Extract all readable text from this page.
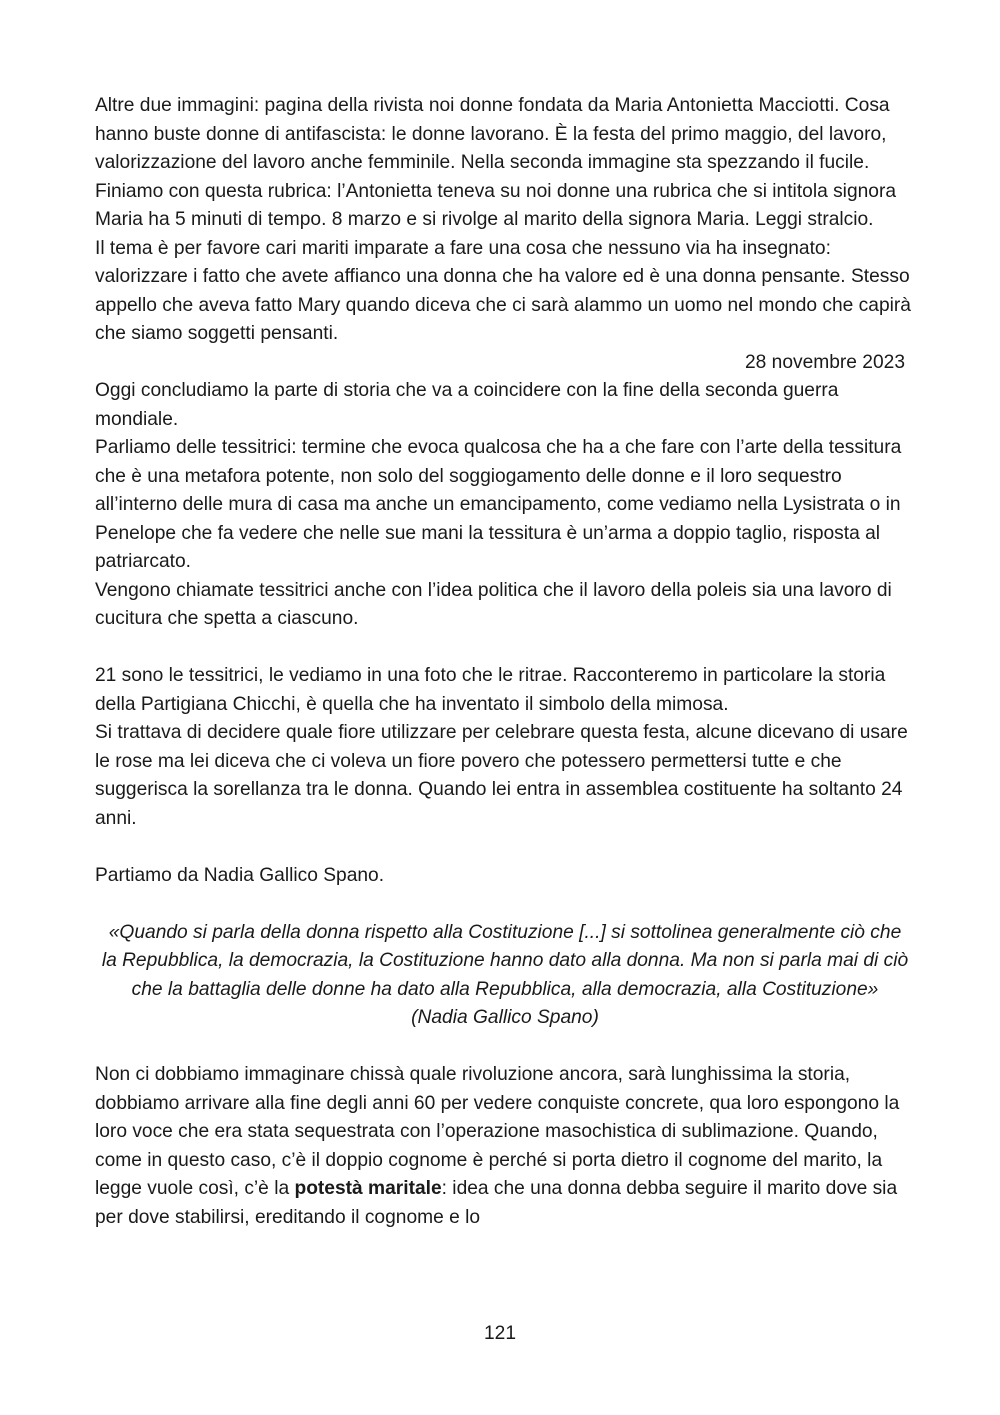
Altre due immagini: pagina della rivista noi donne fondata da Maria Antonietta Macciotti. Cosa hanno buste donne di antifascista: le donne lavorano. È la festa del primo maggio, del lavoro, valorizzazione del lavoro anche femminile. Nella seconda immagine sta spezzando il fucile.

Finiamo con questa rubrica: l’Antonietta teneva su noi donne una rubrica che si intitola signora Maria ha 5 minuti di tempo. 8 marzo e si rivolge al marito della signora Maria. Leggi stralcio.

Il tema è per favore cari mariti imparate a fare una cosa che nessuno via ha insegnato: valorizzare i fatto che avete affianco una donna che ha valore ed è una donna pensante. Stesso appello che aveva fatto Mary quando diceva che ci sarà alammo un uomo nel mondo che capirà che siamo soggetti pensanti.

28 novembre 2023

Oggi concludiamo la parte di storia che va a coincidere con la fine della seconda guerra mondiale.

Parliamo delle tessitrici: termine che evoca qualcosa che ha a che fare con l’arte della tessitura che è una metafora potente, non solo del soggiogamento delle donne e il loro sequestro all’interno delle mura di casa ma anche un emancipamento, come vediamo nella Lysistrata o in Penelope che fa vedere che nelle sue mani la tessitura è un’arma a doppio taglio, risposta al patriarcato.

Vengono chiamate tessitrici anche con l’idea politica che il lavoro della poleis sia una lavoro di cucitura che spetta a ciascuno.

21 sono le tessitrici, le vediamo in una foto che le ritrae. Racconteremo in particolare la storia della Partigiana Chicchi, è quella che ha inventato il simbolo della mimosa.

Si trattava di decidere quale fiore utilizzare per celebrare questa festa, alcune dicevano di usare le rose ma lei diceva che ci voleva un fiore povero che potessero permettersi tutte e che suggerisca la sorellanza tra le donna. Quando lei entra in assemblea costituente ha soltanto 24 anni.

Partiamo da Nadia Gallico Spano.

«Quando si parla della donna rispetto alla Costituzione [...] si sottolinea generalmente ciò che la Repubblica, la democrazia, la Costituzione hanno dato alla donna. Ma non si parla mai di ciò che la battaglia delle donne ha dato alla Repubblica, alla democrazia, alla Costituzione» (Nadia Gallico Spano)

Non ci dobbiamo immaginare chissà quale rivoluzione ancora, sarà lunghissima la storia, dobbiamo arrivare alla fine degli anni 60 per vedere conquiste concrete, qua loro espongono la loro voce che era stata sequestrata con l’operazione masochistica di sublimazione. Quando, come in questo caso, c’è il doppio cognome è perché si porta dietro il cognome del marito, la legge vuole così, c’è la potestà maritale: idea che una donna debba seguire il marito dove sia per dove stabilirsi, ereditando il cognome e lo

121
